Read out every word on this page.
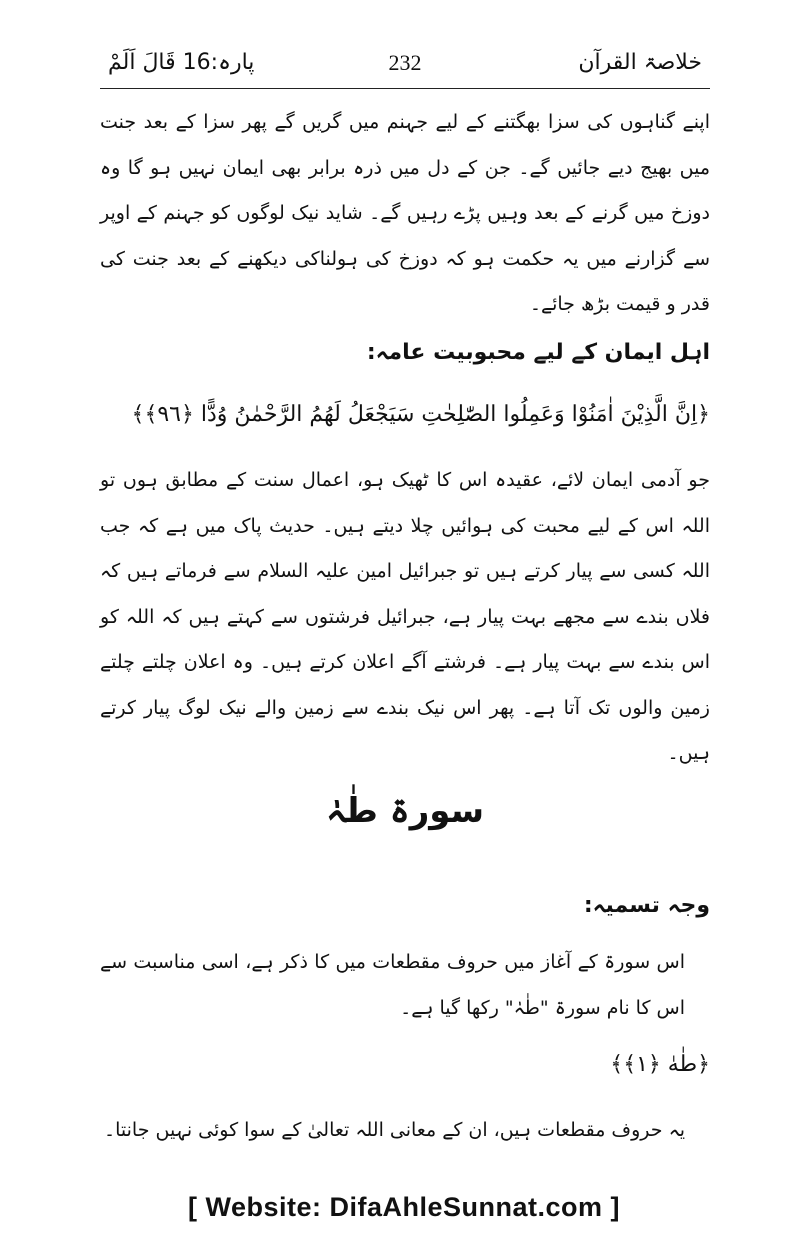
پارہ:16 قَالَ اَلَمْ	232	خلاصۃ القرآن

اپنے گناہوں کی سزا بھگتنے کے لیے جہنم میں گریں گے پھر سزا کے بعد جنت میں بھیج دیے جائیں گے۔ جن کے دل میں ذرہ برابر بھی ایمان نہیں ہو گا وہ دوزخ میں گرنے کے بعد وہیں پڑے رہیں گے۔ شاید نیک لوگوں کو جہنم کے اوپر سے گزارنے میں یہ حکمت ہو کہ دوزخ کی ہولناکی دیکھنے کے بعد جنت کی قدر و قیمت بڑھ جائے۔

اہل ایمان کے لیے محبوبیت عامہ:
﴿اِنَّ الَّذِيْنَ اٰمَنُوْا وَعَمِلُوا الصّٰلِحٰتِ سَيَجْعَلُ لَهُمُ الرَّحْمٰنُ وُدًّا ﴿٩٦﴾﴾

جو آدمی ایمان لائے، عقیدہ اس کا ٹھیک ہو، اعمال سنت کے مطابق ہوں تو اللہ اس کے لیے محبت کی ہوائیں چلا دیتے ہیں۔ حدیث پاک میں ہے کہ جب اللہ کسی سے پیار کرتے ہیں تو جبرائیل امین علیہ السلام سے فرماتے ہیں کہ فلاں بندے سے مجھے بہت پیار ہے، جبرائیل فرشتوں سے کہتے ہیں کہ اللہ کو اس بندے سے بہت پیار ہے۔ فرشتے آگے اعلان کرتے ہیں۔ وہ اعلان چلتے چلتے زمین والوں تک آتا ہے۔ پھر اس نیک بندے سے زمین والے نیک لوگ پیار کرتے ہیں۔

سورۃ طٰہٰ
وجہ تسمیہ:

اس سورۃ کے آغاز میں حروف مقطعات میں کا ذکر ہے، اسی مناسبت سے اس کا نام سورۃ "طٰہٰ" رکھا گیا ہے۔

﴿طٰهٰ ﴿١﴾﴾

یہ حروف مقطعات ہیں، ان کے معانی اللہ تعالیٰ کے سوا کوئی نہیں جانتا۔

[ Website: DifaAhleSunnat.com ]
